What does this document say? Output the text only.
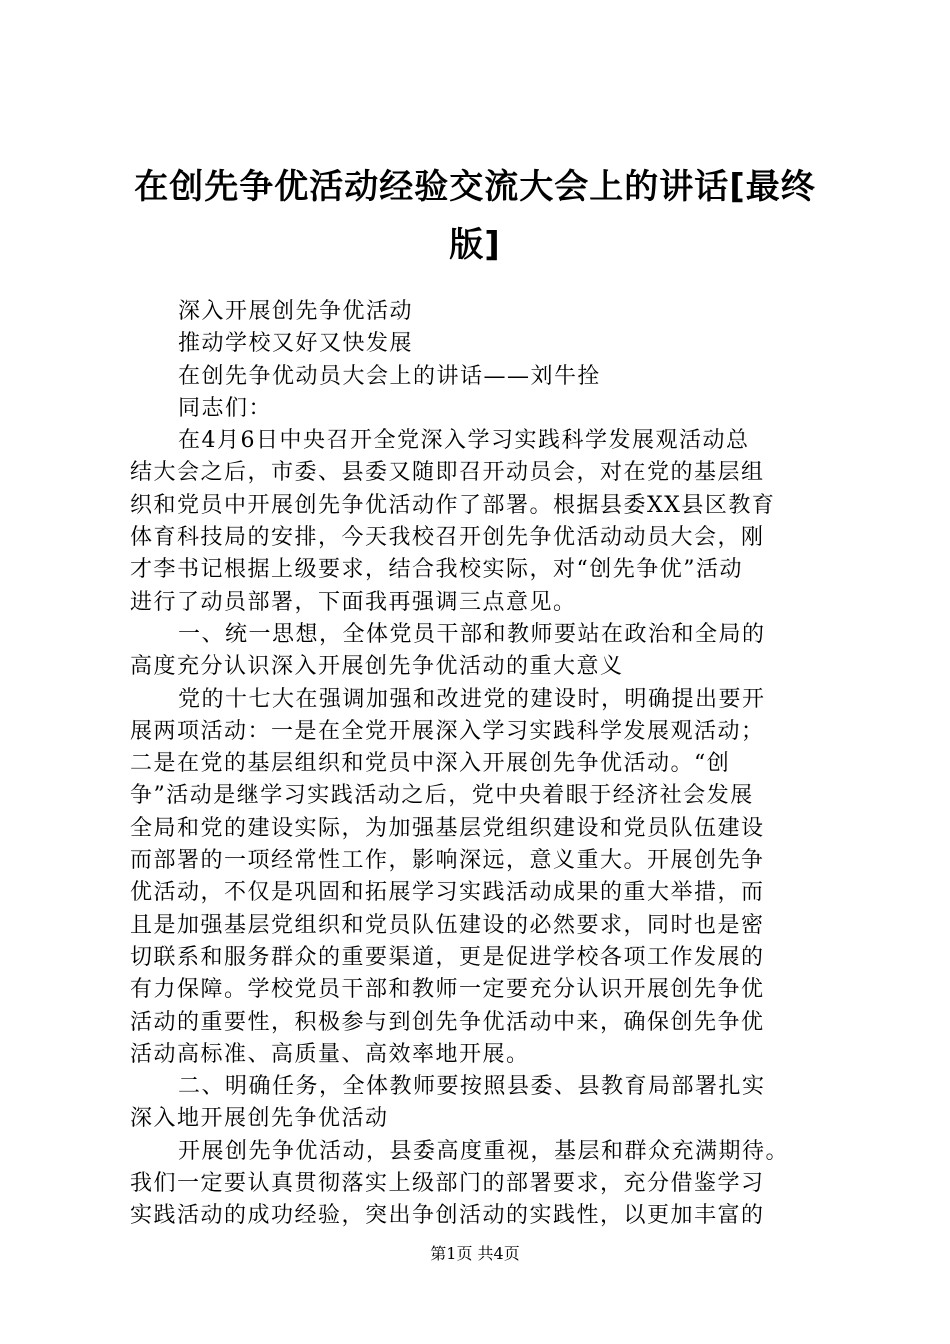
在创先争优活动经验交流大会上的讲话[最终
版]
深入开展创先争优活动
推动学校又好又快发展
在创先争优动员大会上的讲话——刘牛拴
同志们：
在4月6日中央召开全党深入学习实践科学发展观活动总
结大会之后，市委、县委又随即召开动员会，对在党的基层组
织和党员中开展创先争优活动作了部署。根据县委XX县区教育
体育科技局的安排，今天我校召开创先争优活动动员大会，刚
才李书记根据上级要求，结合我校实际，对“创先争优”活动
进行了动员部署，下面我再强调三点意见。
一、统一思想，全体党员干部和教师要站在政治和全局的
高度充分认识深入开展创先争优活动的重大意义
党的十七大在强调加强和改进党的建设时，明确提出要开
展两项活动：一是在全党开展深入学习实践科学发展观活动；
二是在党的基层组织和党员中深入开展创先争优活动。“创
争”活动是继学习实践活动之后，党中央着眼于经济社会发展
全局和党的建设实际，为加强基层党组织建设和党员队伍建设
而部署的一项经常性工作，影响深远，意义重大。开展创先争
优活动，不仅是巩固和拓展学习实践活动成果的重大举措，而
且是加强基层党组织和党员队伍建设的必然要求，同时也是密
切联系和服务群众的重要渠道，更是促进学校各项工作发展的
有力保障。学校党员干部和教师一定要充分认识开展创先争优
活动的重要性，积极参与到创先争优活动中来，确保创先争优
活动高标准、高质量、高效率地开展。
二、明确任务，全体教师要按照县委、县教育局部署扎实
深入地开展创先争优活动
开展创先争优活动，县委高度重视，基层和群众充满期待。
我们一定要认真贯彻落实上级部门的部署要求，充分借鉴学习
实践活动的成功经验，突出争创活动的实践性，以更加丰富的
第1页 共4页
